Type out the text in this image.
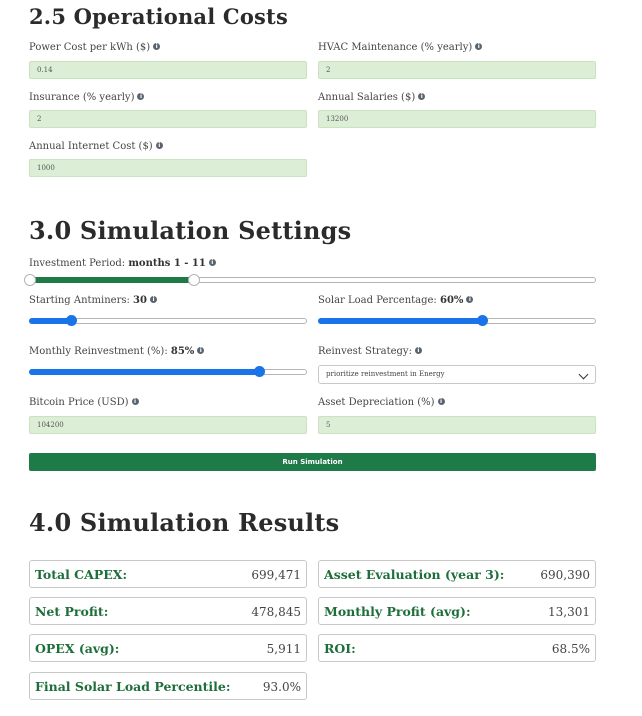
2.5 Operational Costs
Power Cost per kWh ($) i
0.14
HVAC Maintenance (% yearly) i
2
Insurance (% yearly) i
2
Annual Salaries ($) i
13200
Annual Internet Cost ($) i
1000
3.0 Simulation Settings
Investment Period: months 1 - 11 i
Starting Antminers: 30 i	Solar Load Percentage: 60% i
Monthly Reinvestment (%): 85% i	Reinvest Strategy: i
prioritize reinvestment in Energy
Bitcoin Price (USD) i
104200
Asset Depreciation (%) i
5
Run Simulation
4.0 Simulation Results
Total CAPEX:	699,471 Asset Evaluation (year 3):	690,390
Net Profit:	478,845 Monthly Profit (avg):	13,301
OPEX (avg):	5,911 ROI:	68.5%
Final Solar Load Percentile:	93.0%
